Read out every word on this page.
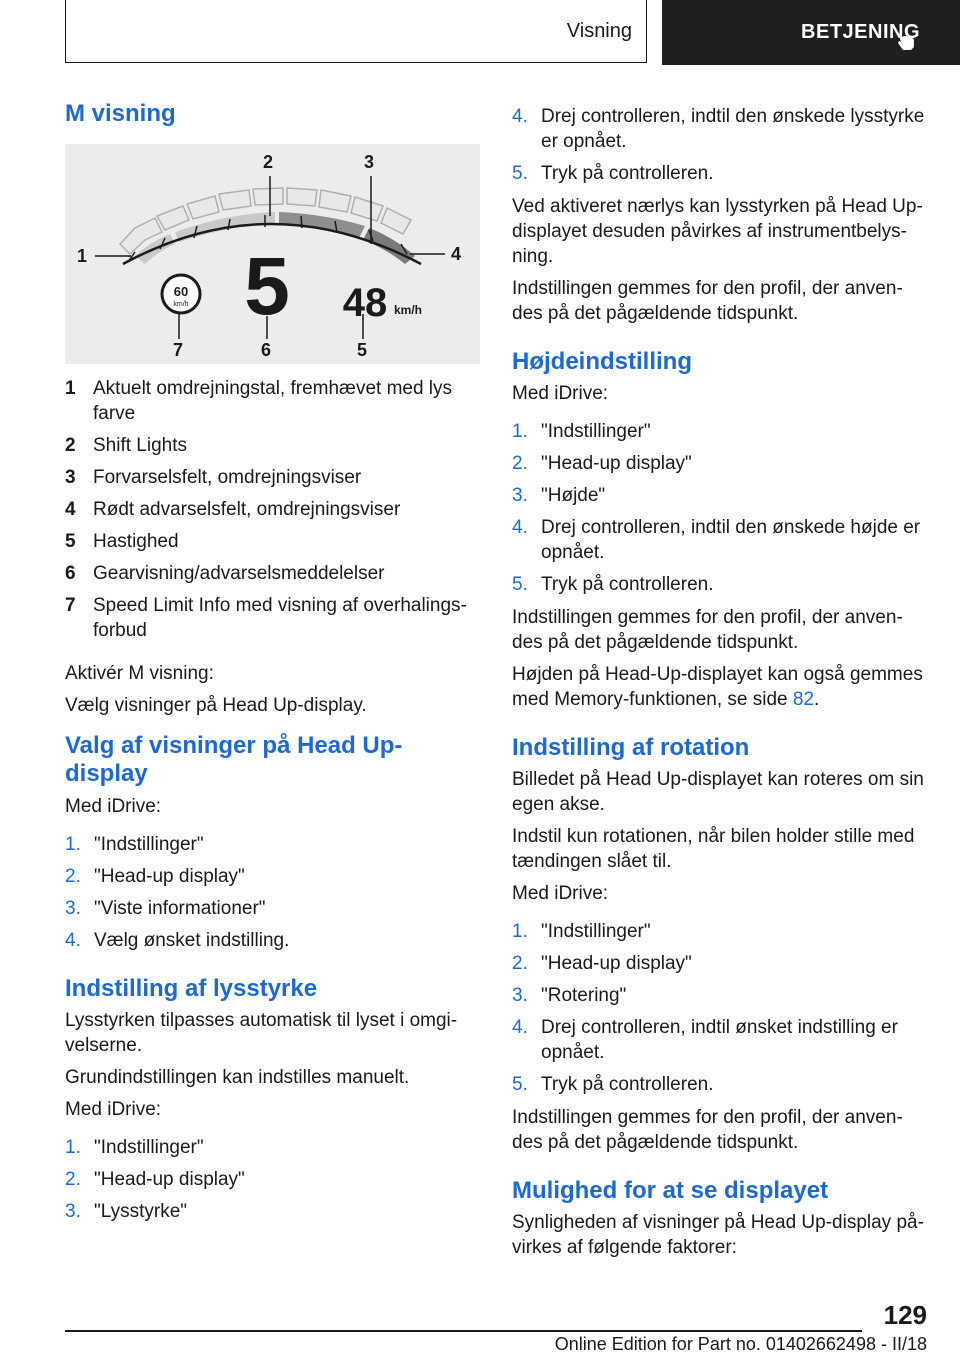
Visning	BETJENING
M visning
1
2	3
4
5
6
7
60
km/h 5 48 km/h
1 Aktuelt omdrejningstal, fremhævet med lys farve
2 Shift Lights
3 Forvarselsfelt, omdrejningsviser
4 Rødt advarselsfelt, omdrejningsviser
5 Hastighed
6 Gearvisning/advarselsmeddelelser
7 Speed Limit Info med visning af overhalingsforbud

Aktivér M visning:

Vælg visninger på Head Up-display.

Valg af visninger på Head Up-display

Med iDrive:

1. "Indstillinger"
2. "Head-up display"
3. "Viste informationer"
4. Vælg ønsket indstilling.
Indstilling af lysstyrke

Lysstyrken tilpasses automatisk til lyset i omgivelserne.

Grundindstillingen kan indstilles manuelt.

Med iDrive:

1. "Indstillinger"
2. "Head-up display"
3. "Lysstyrke"
4. Drej controlleren, indtil den ønskede lysstyrke er opnået.
5. Tryk på controlleren.

Ved aktiveret nærlys kan lysstyrken på Head Up-displayet desuden påvirkes af instrumentbelysning.

Indstillingen gemmes for den profil, der anvendes på det pågældende tidspunkt.

Højdeindstilling

Med iDrive:

1. "Indstillinger"
2. "Head-up display"
3. "Højde"
4. Drej controlleren, indtil den ønskede højde er opnået.
5. Tryk på controlleren.

Indstillingen gemmes for den profil, der anvendes på det pågældende tidspunkt.

Højden på Head-Up-displayet kan også gemmes med Memory-funktionen, se side 82.

Indstilling af rotation

Billedet på Head Up-displayet kan roteres om sin egen akse.

Indstil kun rotationen, når bilen holder stille med tændingen slået til.

Med iDrive:

1. "Indstillinger"
2. "Head-up display"
3. "Rotering"
4. Drej controlleren, indtil ønsket indstilling er opnået.
5. Tryk på controlleren.

Indstillingen gemmes for den profil, der anvendes på det pågældende tidspunkt.

Mulighed for at se displayet

Synligheden af visninger på Head Up-display påvirkes af følgende faktorer:

129
Online Edition for Part no. 01402662498 - II/18
